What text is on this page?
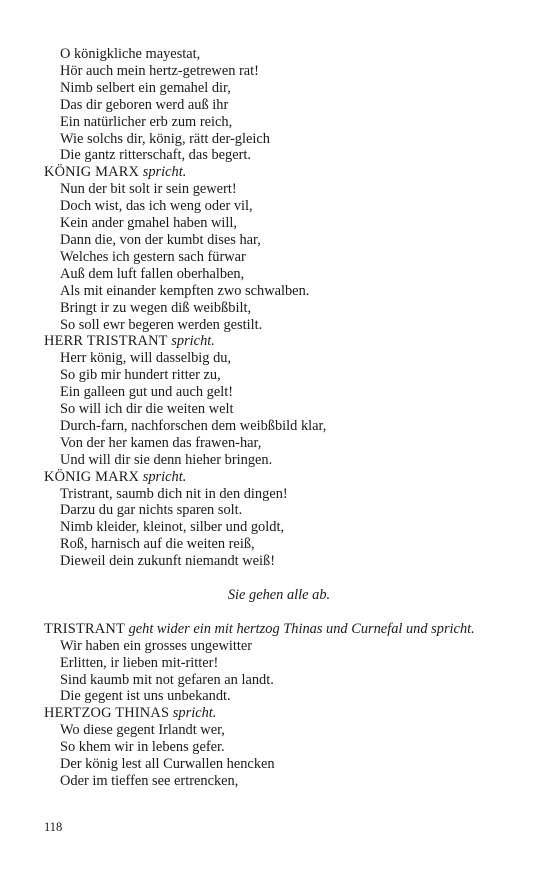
O königkliche mayestat,
Hör auch mein hertz-getrewen rat!
Nimb selbert ein gemahel dir,
Das dir geboren werd auß ihr
Ein natürlicher erb zum reich,
Wie solchs dir, könig, rätt der-gleich
Die gantz ritterschaft, das begert.
KÖNIG MARX spricht.
Nun der bit solt ir sein gewert!
Doch wist, das ich weng oder vil,
Kein ander gmahel haben will,
Dann die, von der kumbt dises har,
Welches ich gestern sach fürwar
Auß dem luft fallen oberhalben,
Als mit einander kempften zwo schwalben.
Bringt ir zu wegen diß weibßbilt,
So soll ewr begeren werden gestilt.
HERR TRISTRANT spricht.
Herr könig, will dasselbig du,
So gib mir hundert ritter zu,
Ein galleen gut und auch gelt!
So will ich dir die weiten welt
Durch-farn, nachforschen dem weibßbild klar,
Von der her kamen das frawen-har,
Und will dir sie denn hieher bringen.
KÖNIG MARX spricht.
Tristrant, saumb dich nit in den dingen!
Darzu du gar nichts sparen solt.
Nimb kleider, kleinot, silber und goldt,
Roß, harnisch auf die weiten reiß,
Dieweil dein zukunft niemandt weiß!
Sie gehen alle ab.
TRISTRANT geht wider ein mit hertzog Thinas und Curnefal und spricht.
Wir haben ein grosses ungewitter
Erlitten, ir lieben mit-ritter!
Sind kaumb mit not gefaren an landt.
Die gegent ist uns unbekandt.
HERTZOG THINAS spricht.
Wo diese gegent Irlandt wer,
So khem wir in lebens gefer.
Der könig lest all Curwallen hencken
Oder im tieffen see ertrencken,
118
